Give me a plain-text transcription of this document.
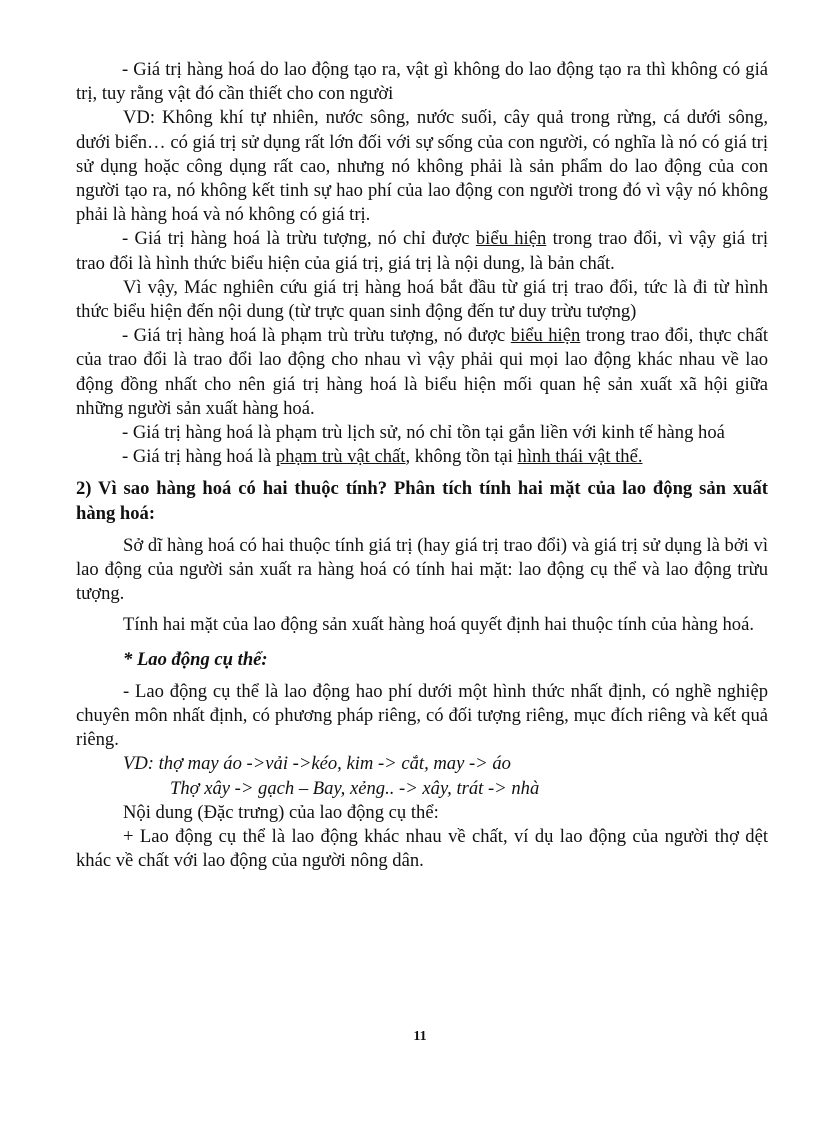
- Giá trị hàng hoá do lao động tạo ra, vật gì không do lao động tạo ra thì không có giá trị, tuy rằng vật đó cần thiết cho con người

VD: Không khí tự nhiên, nước sông, nước suối, cây quả trong rừng, cá dưới sông, dưới biển… có giá trị sử dụng rất lớn đối với sự sống của con người, có nghĩa là nó có giá trị sử dụng hoặc công dụng rất cao, nhưng nó không phải là sản phẩm do lao động của con người tạo ra, nó không kết tinh sự hao phí của lao động con người trong đó vì vậy nó không phải là hàng hoá và nó không có giá trị.

- Giá trị hàng hoá là trừu tượng, nó chỉ được biểu hiện trong trao đổi, vì vậy giá trị trao đổi là hình thức biểu hiện của giá trị, giá trị là nội dung, là bản chất.

Vì vậy, Mác nghiên cứu giá trị hàng hoá bắt đầu từ giá trị trao đổi, tức là đi từ hình thức biểu hiện đến nội dung (từ trực quan sinh động đến tư duy trừu tượng)

- Giá trị hàng hoá là phạm trù trừu tượng, nó được biểu hiện trong trao đổi, thực chất của trao đổi là trao đổi lao động cho nhau vì vậy phải qui mọi lao động khác nhau về lao động đồng nhất cho nên giá trị hàng hoá là biểu hiện mối quan hệ sản xuất xã hội giữa những người sản xuất hàng hoá.

- Giá trị hàng hoá là phạm trù lịch sử, nó chỉ tồn tại gắn liền với kinh tế hàng hoá

- Giá trị hàng hoá là phạm trù vật chất, không tồn tại hình thái vật thể.

2) Vì sao hàng hoá có hai thuộc tính? Phân tích tính hai mặt của lao động sản xuất hàng hoá:

Sở dĩ hàng hoá có hai thuộc tính giá trị (hay giá trị trao đổi) và giá trị sử dụng là bởi vì lao động của người sản xuất ra hàng hoá có tính hai mặt: lao động cụ thể và lao động trừu tượng.

Tính hai mặt của lao động sản xuất hàng hoá quyết định hai thuộc tính của hàng hoá.

* Lao động cụ thể:

- Lao động cụ thể là lao động hao phí dưới một hình thức nhất định, có nghề nghiệp chuyên môn nhất định, có phương pháp riêng, có đối tượng riêng, mục đích riêng và kết quả riêng.

VD: thợ may áo ->vải ->kéo, kim -> cắt, may -> áo

Thợ xây -> gạch – Bay, xẻng.. -> xây, trát -> nhà

Nội dung (Đặc trưng) của lao động cụ thể:

+ Lao động cụ thể là lao động khác nhau về chất, ví dụ lao động của người thợ dệt khác về chất với lao động của người nông dân.

11
